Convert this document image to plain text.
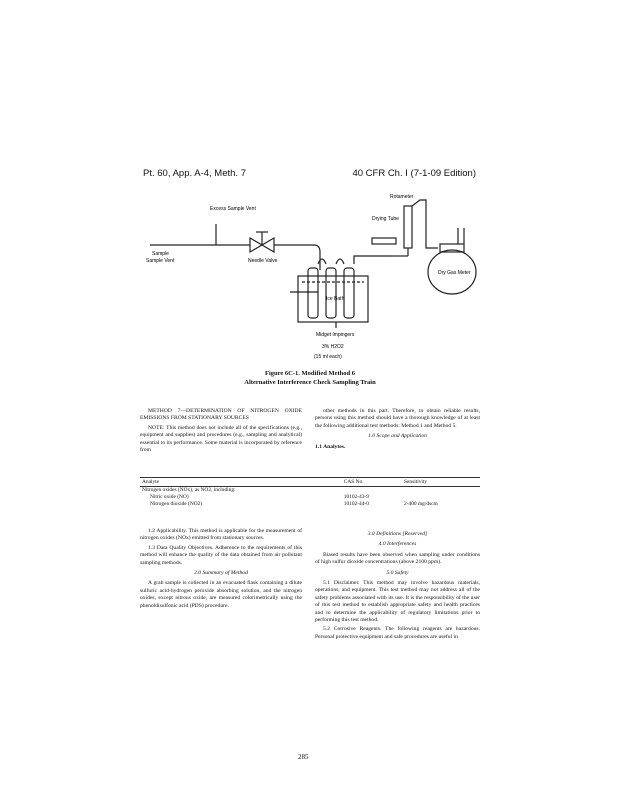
Pt. 60, App. A-4, Meth. 7	40 CFR Ch. I (7-1-09 Edition)
Excess Sample Vent
Sample
Sample Vent	Needle Valve
Rotameter
Drying Tube
Ice Bath
Dry Gas Meter
Midget Impingers
3% H2O2
(15 ml each)
Figure 6C-1. Modified Method 6
Alternative Interference Check Sampling Train

METHOD 7—DETERMINATION OF NITROGEN OXIDE EMISSIONS FROM STATIONARY SOURCES

NOTE: This method does not include all of the specifications (e.g., equipment and supplies) and procedures (e.g., sampling and analytical) essential to its performance. Some material is incorporated by reference from

other methods in this part. Therefore, to obtain reliable results, persons using this method should have a thorough knowledge of at least the following additional test methods: Method 1 and Method 5.

1.0 Scope and Application
1.1 Analytes.
Analyte	CAS No.	Sensitivity
Nitrogen oxides (NOx), as NO2, including:		
Nitric oxide (NO)	10102-43-9	
Nitrogen dioxide (NO2)	10102-44-0	2-400 mg/dscm

1.2 Applicability. This method is applicable for the measurement of nitrogen oxides (NOx) emitted from stationary sources.

1.3 Data Quality Objectives. Adherence to the requirements of this method will enhance the quality of the data obtained from air pollutant sampling methods.

2.0 Summary of Method

A grab sample is collected in an evacuated flask containing a dilute sulfuric acid-hydrogen peroxide absorbing solution, and the nitrogen oxides, except nitrous oxide, are measured colorimetrically using the phenoldisulfonic acid (PDS) procedure.

3.0 Definitions [Reserved]
4.0 Interferences

Biased results have been observed when sampling under conditions of high sulfur dioxide concentrations (above 2100 ppm).

5.0 Safety

5.1 Disclaimer. This method may involve hazardous materials, operations, and equipment. This test method may not address all of the safety problems associated with its use. It is the responsibility of the user of this test method to establish appropriate safety and health practices and to determine the applicability of regulatory limitations prior to performing this test method.

5.2 Corrosive Reagents. The following reagents are hazardous. Personal protective equipment and safe procedures are useful in

285
